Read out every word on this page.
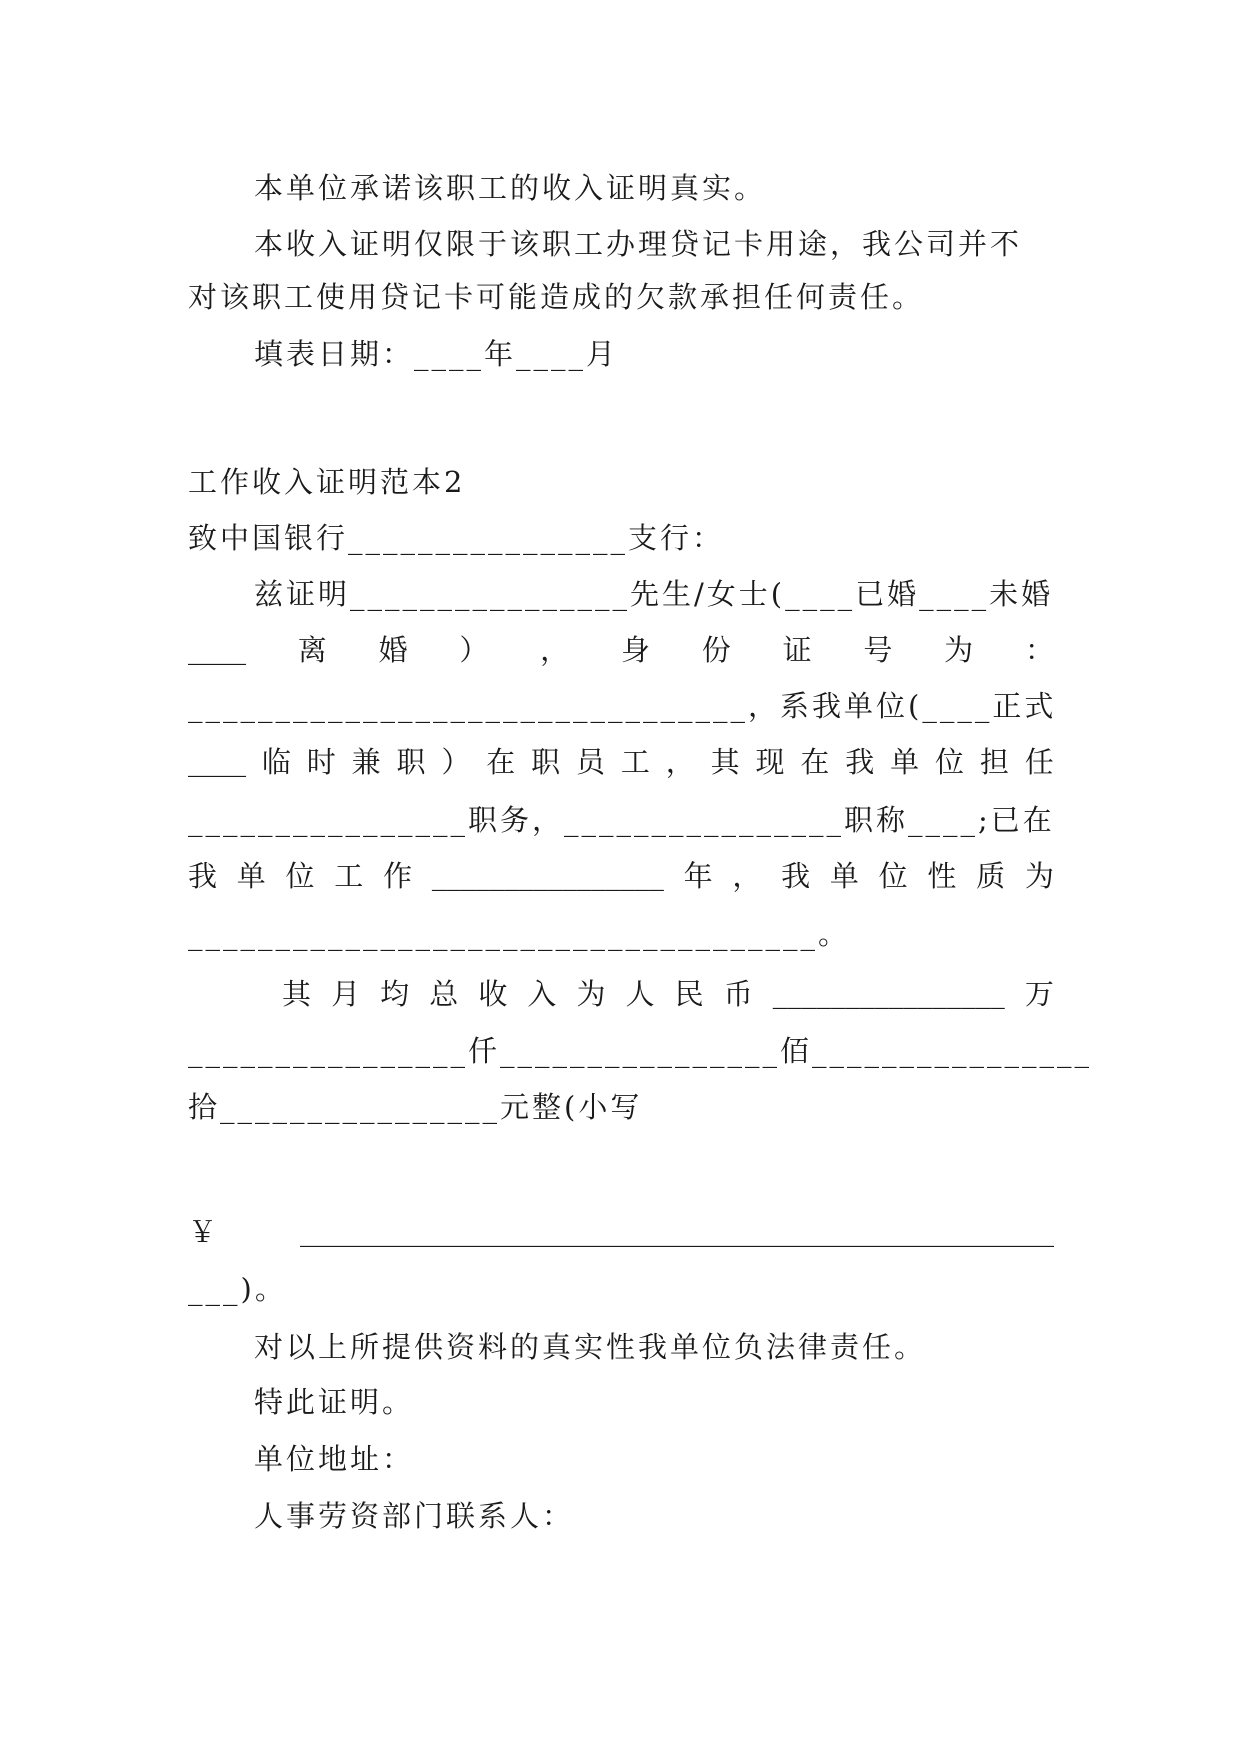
本单位承诺该职工的收入证明真实。
本收入证明仅限于该职工办理贷记卡用途，我公司并不
对该职工使用贷记卡可能造成的欠款承担任何责任。
填表日期：____年____月
工作收入证明范本2
致中国银行________________支行：
兹证明________________先生/女士(____已婚____未婚
____ 离 婚 ） ， 身 份 证 号 为 ：
________________________________，系我单位(____正式
____ 临 时 兼 职 ） 在 职 员 工 ， 其 现 在 我 单 位 担 任
________________职务，________________职称____;已在
我 单 位 工 作 ________________ 年 ， 我 单 位 性 质 为
____________________________________。
其 月 均 总 收 入 为 人 民 币 ________________ 万
________________仟________________佰________________
拾________________元整(小写
￥	____________________________________________________
___)。
对以上所提供资料的真实性我单位负法律责任。
特此证明。
单位地址：
人事劳资部门联系人：
